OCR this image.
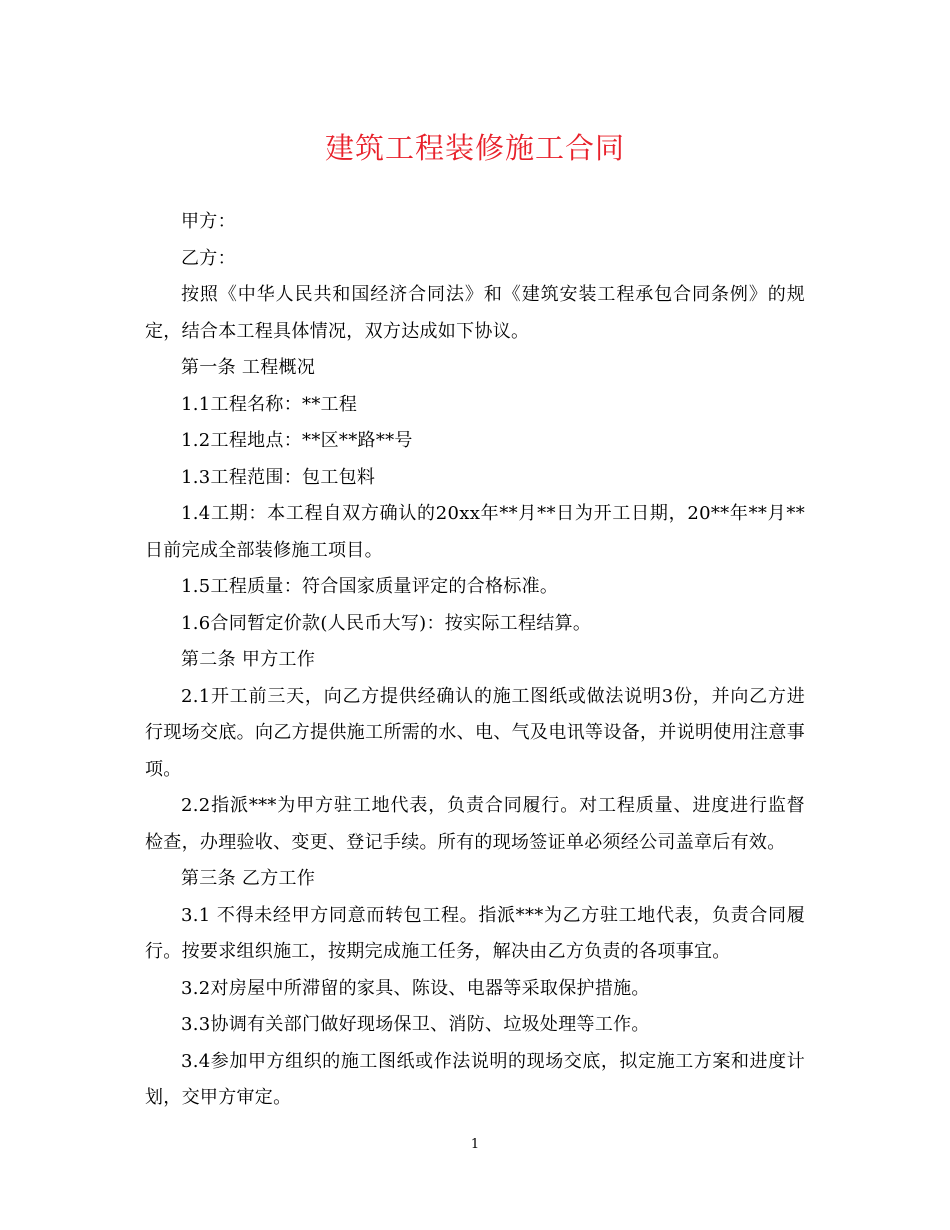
建筑工程装修施工合同

甲方：

乙方：

按照《中华人民共和国经济合同法》和《建筑安装工程承包合同条例》的规定，结合本工程具体情况，双方达成如下协议。

第一条 工程概况

1.1工程名称：**工程

1.2工程地点：**区**路**号

1.3工程范围：包工包料

1.4工期：本工程自双方确认的20xx年**月**日为开工日期，20**年**月**日前完成全部装修施工项目。

1.5工程质量：符合国家质量评定的合格标准。

1.6合同暂定价款(人民币大写)：按实际工程结算。

第二条 甲方工作

2.1开工前三天，向乙方提供经确认的施工图纸或做法说明3份，并向乙方进行现场交底。向乙方提供施工所需的水、电、气及电讯等设备，并说明使用注意事项。

2.2指派***为甲方驻工地代表，负责合同履行。对工程质量、进度进行监督检查，办理验收、变更、登记手续。所有的现场签证单必须经公司盖章后有效。

第三条 乙方工作

3.1 不得未经甲方同意而转包工程。指派***为乙方驻工地代表，负责合同履行。按要求组织施工，按期完成施工任务，解决由乙方负责的各项事宜。

3.2对房屋中所滞留的家具、陈设、电器等采取保护措施。

3.3协调有关部门做好现场保卫、消防、垃圾处理等工作。

3.4参加甲方组织的施工图纸或作法说明的现场交底，拟定施工方案和进度计划，交甲方审定。

1
